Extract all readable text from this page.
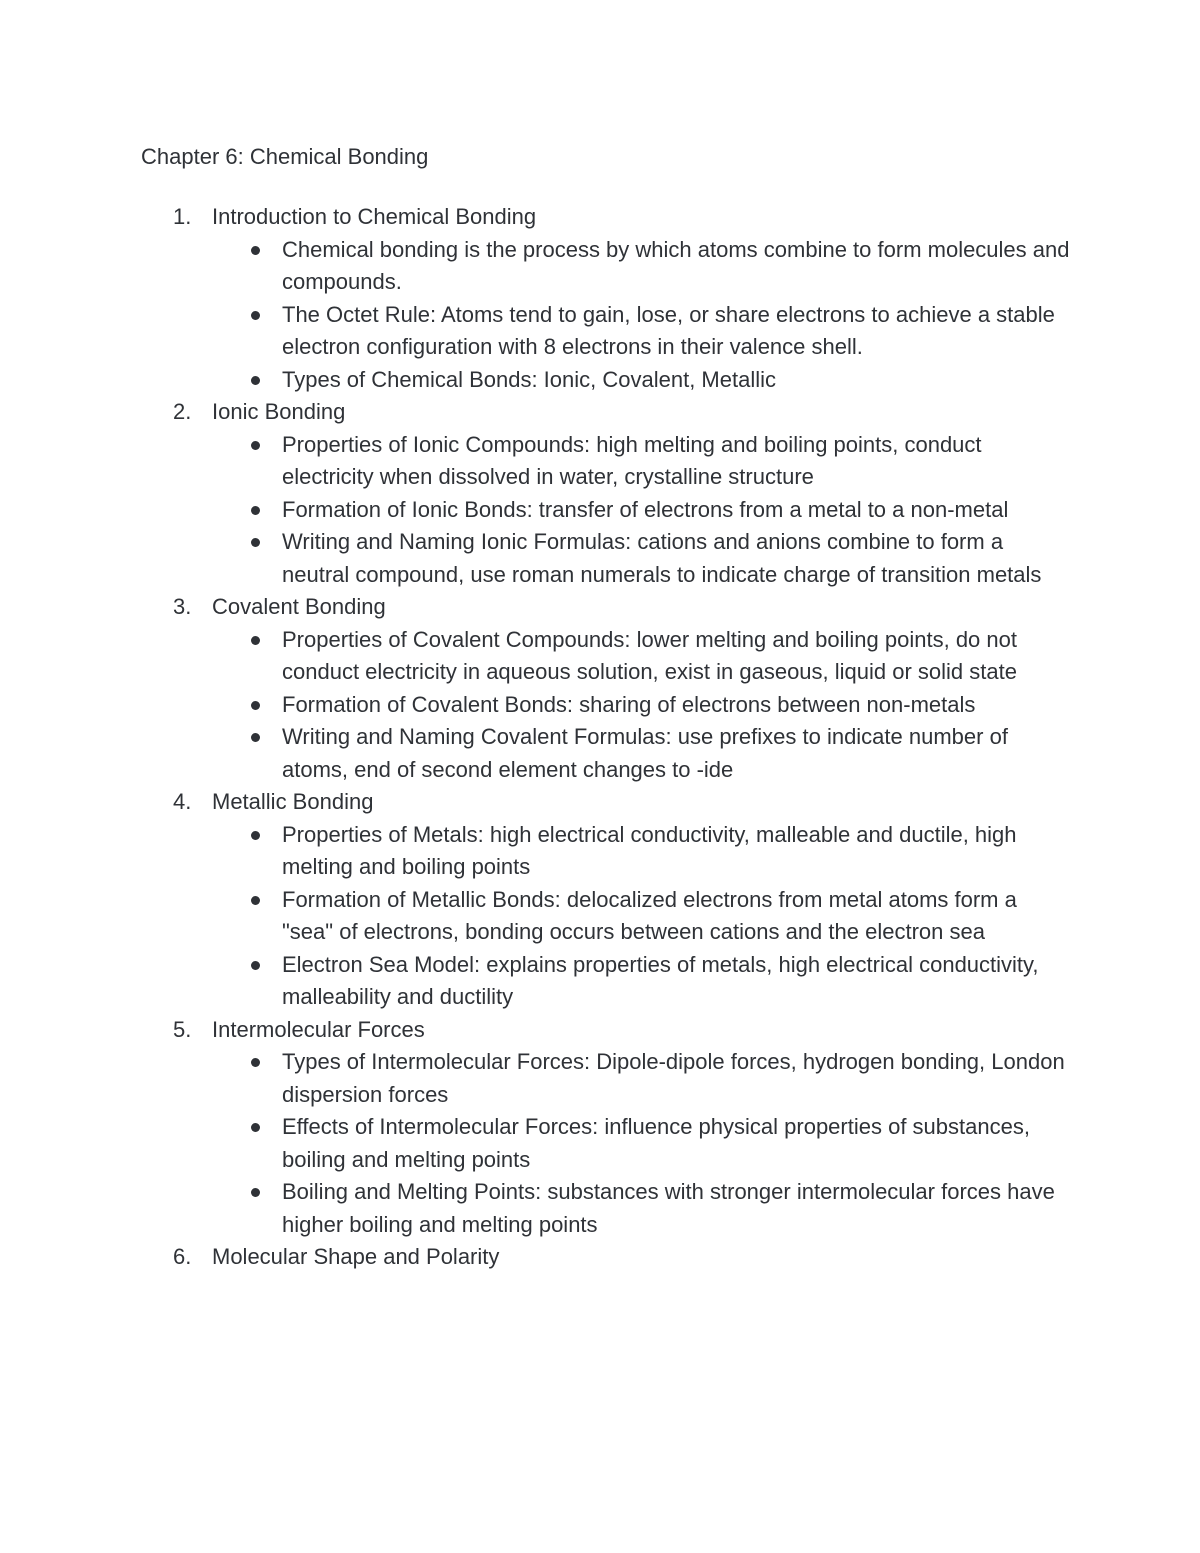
Chapter 6: Chemical Bonding
1. Introduction to Chemical Bonding
Chemical bonding is the process by which atoms combine to form molecules and compounds.
The Octet Rule: Atoms tend to gain, lose, or share electrons to achieve a stable electron configuration with 8 electrons in their valence shell.
Types of Chemical Bonds: Ionic, Covalent, Metallic
2. Ionic Bonding
Properties of Ionic Compounds: high melting and boiling points, conduct electricity when dissolved in water, crystalline structure
Formation of Ionic Bonds: transfer of electrons from a metal to a non-metal
Writing and Naming Ionic Formulas: cations and anions combine to form a neutral compound, use roman numerals to indicate charge of transition metals
3. Covalent Bonding
Properties of Covalent Compounds: lower melting and boiling points, do not conduct electricity in aqueous solution, exist in gaseous, liquid or solid state
Formation of Covalent Bonds: sharing of electrons between non-metals
Writing and Naming Covalent Formulas: use prefixes to indicate number of atoms, end of second element changes to -ide
4. Metallic Bonding
Properties of Metals: high electrical conductivity, malleable and ductile, high melting and boiling points
Formation of Metallic Bonds: delocalized electrons from metal atoms form a "sea" of electrons, bonding occurs between cations and the electron sea
Electron Sea Model: explains properties of metals, high electrical conductivity, malleability and ductility
5. Intermolecular Forces
Types of Intermolecular Forces: Dipole-dipole forces, hydrogen bonding, London dispersion forces
Effects of Intermolecular Forces: influence physical properties of substances, boiling and melting points
Boiling and Melting Points: substances with stronger intermolecular forces have higher boiling and melting points
6. Molecular Shape and Polarity
